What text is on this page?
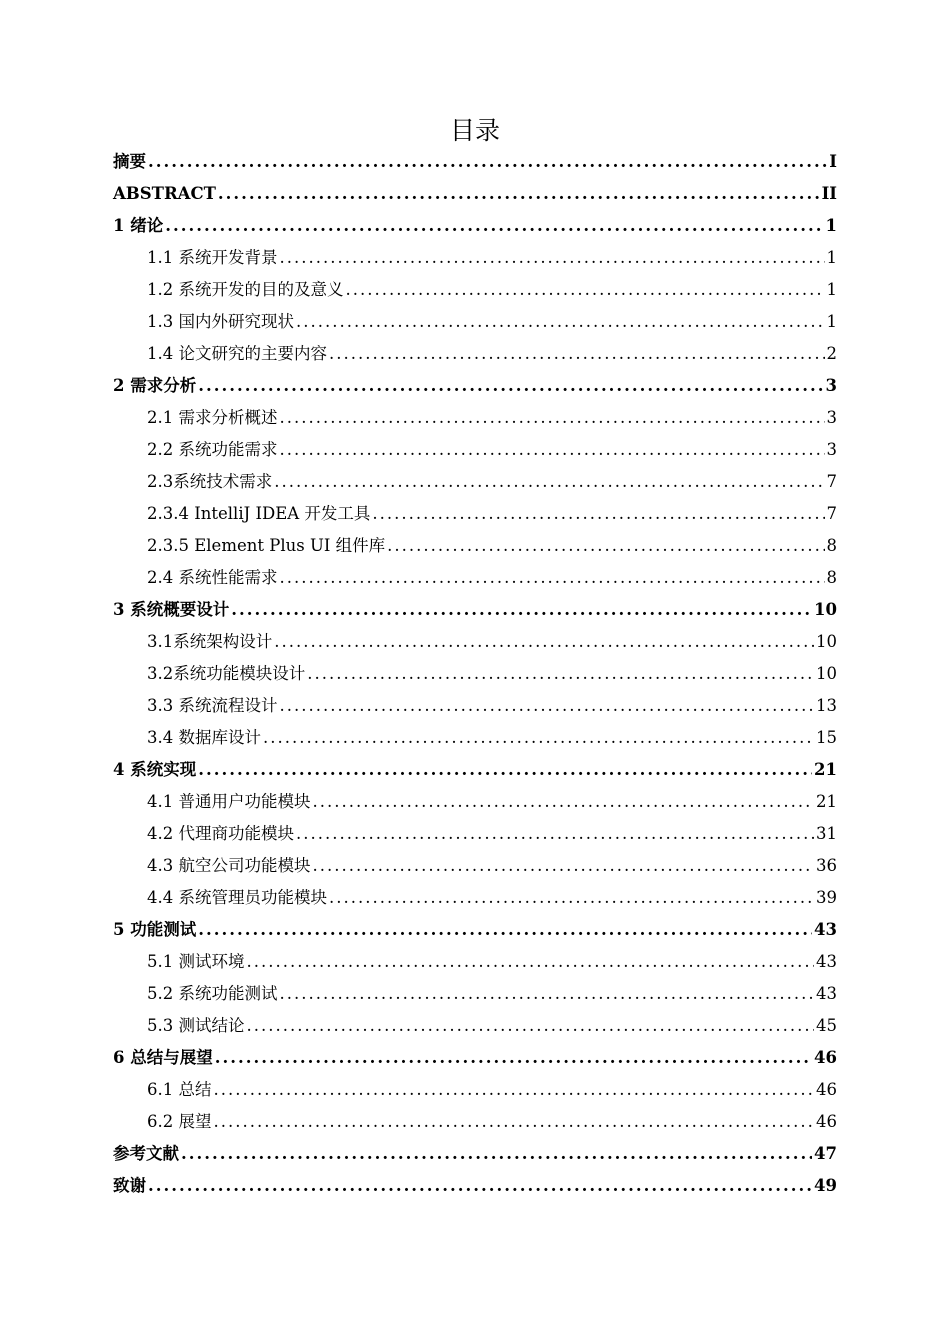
目录
摘要 .....	I
ABSTRACT .....	II
1 绪论 .....	1
1.1 系统开发背景 .....	1
1.2 系统开发的目的及意义 .....	1
1.3 国内外研究现状 .....	1
1.4 论文研究的主要内容 .....	2
2 需求分析 .....	3
2.1 需求分析概述 .....	3
2.2 系统功能需求 .....	3
2.3系统技术需求 .....	7
2.3.4 IntelliJ IDEA 开发工具 .....	7
2.3.5 Element Plus UI 组件库 .....	8
2.4 系统性能需求 .....	8
3 系统概要设计 .....	10
3.1系统架构设计 .....	10
3.2系统功能模块设计 .....	10
3.3 系统流程设计 .....	13
3.4 数据库设计 .....	15
4 系统实现 .....	21
4.1 普通用户功能模块 .....	21
4.2 代理商功能模块 .....	31
4.3 航空公司功能模块 .....	36
4.4 系统管理员功能模块 .....	39
5 功能测试 .....	43
5.1 测试环境 .....	43
5.2 系统功能测试 .....	43
5.3 测试结论 .....	45
6 总结与展望 .....	46
6.1 总结 .....	46
6.2 展望 .....	46
参考文献 .....	47
致谢 .....	49
